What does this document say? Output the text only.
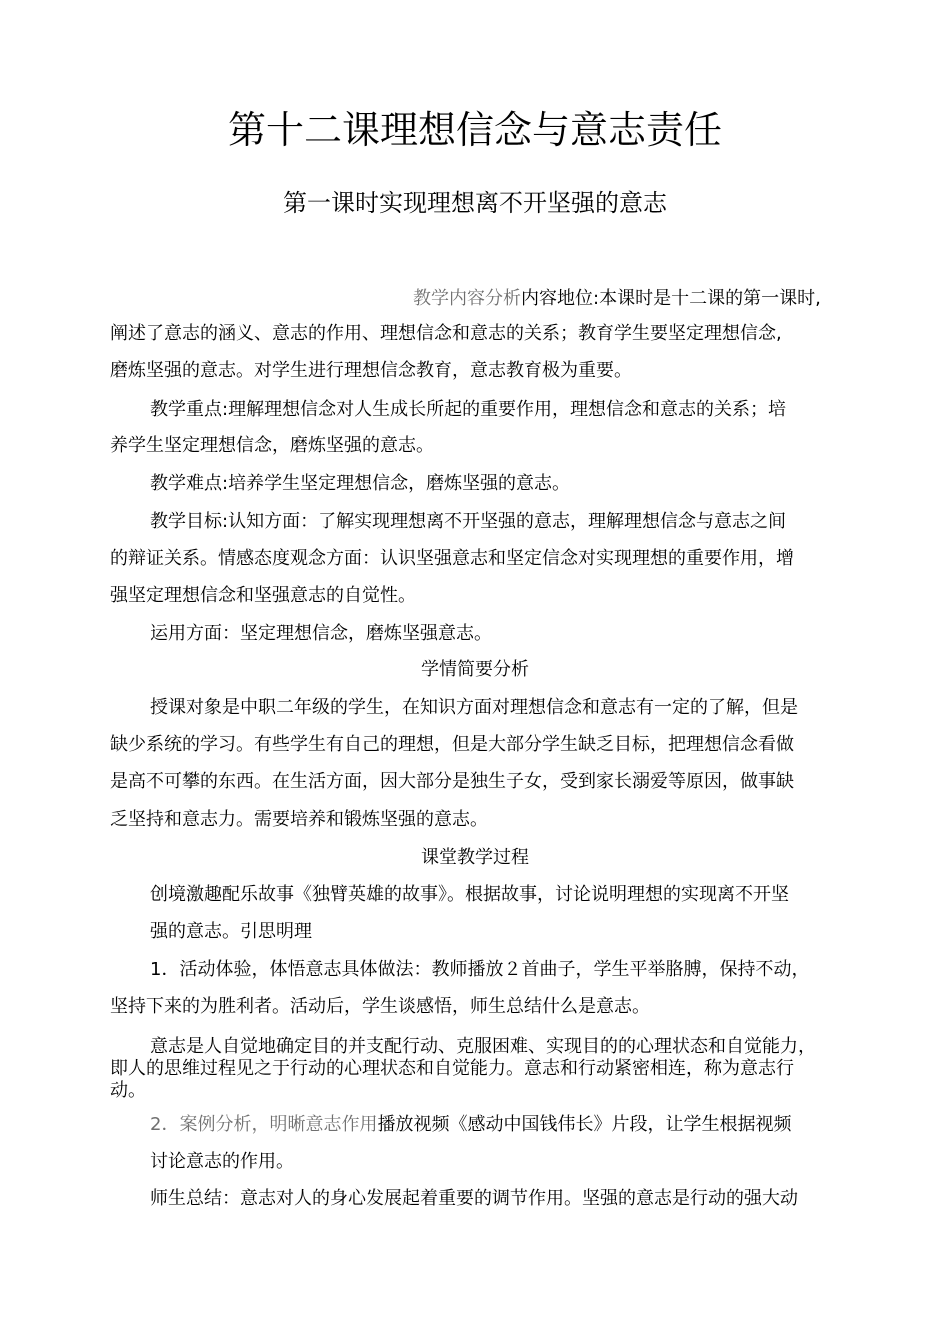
第十二课理想信念与意志责任
第一课时实现理想离不开坚强的意志
教学内容分析内容地位:本课时是十二课的第一课时,
阐述了意志的涵义、意志的作用、理想信念和意志的关系；教育学生要坚定理想信念,
磨炼坚强的意志。对学生进行理想信念教育，意志教育极为重要。
教学重点:理解理想信念对人生成长所起的重要作用，理想信念和意志的关系；培
养学生坚定理想信念，磨炼坚强的意志。
教学难点:培养学生坚定理想信念，磨炼坚强的意志。
教学目标:认知方面：了解实现理想离不开坚强的意志，理解理想信念与意志之间
的辩证关系。情感态度观念方面：认识坚强意志和坚定信念对实现理想的重要作用，增
强坚定理想信念和坚强意志的自觉性。
运用方面：坚定理想信念，磨炼坚强意志。
学情简要分析
授课对象是中职二年级的学生，在知识方面对理想信念和意志有一定的了解，但是
缺少系统的学习。有些学生有自己的理想，但是大部分学生缺乏目标，把理想信念看做
是高不可攀的东西。在生活方面，因大部分是独生子女，受到家长溺爱等原因，做事缺
乏坚持和意志力。需要培养和锻炼坚强的意志。
课堂教学过程
创境激趣配乐故事《独臂英雄的故事》。根据故事，讨论说明理想的实现离不开坚
强的意志。引思明理
1．活动体验，体悟意志具体做法：教师播放２首曲子，学生平举胳膊，保持不动，
坚持下来的为胜利者。活动后，学生谈感悟，师生总结什么是意志。
意志是人自觉地确定目的并支配行动、克服困难、实现目的的心理状态和自觉能力，
即人的思维过程见之于行动的心理状态和自觉能力。意志和行动紧密相连，称为意志行
动。
2．案例分析，明晰意志作用播放视频《感动中国钱伟长》片段，让学生根据视频
讨论意志的作用。
师生总结：意志对人的身心发展起着重要的调节作用。坚强的意志是行动的强大动
